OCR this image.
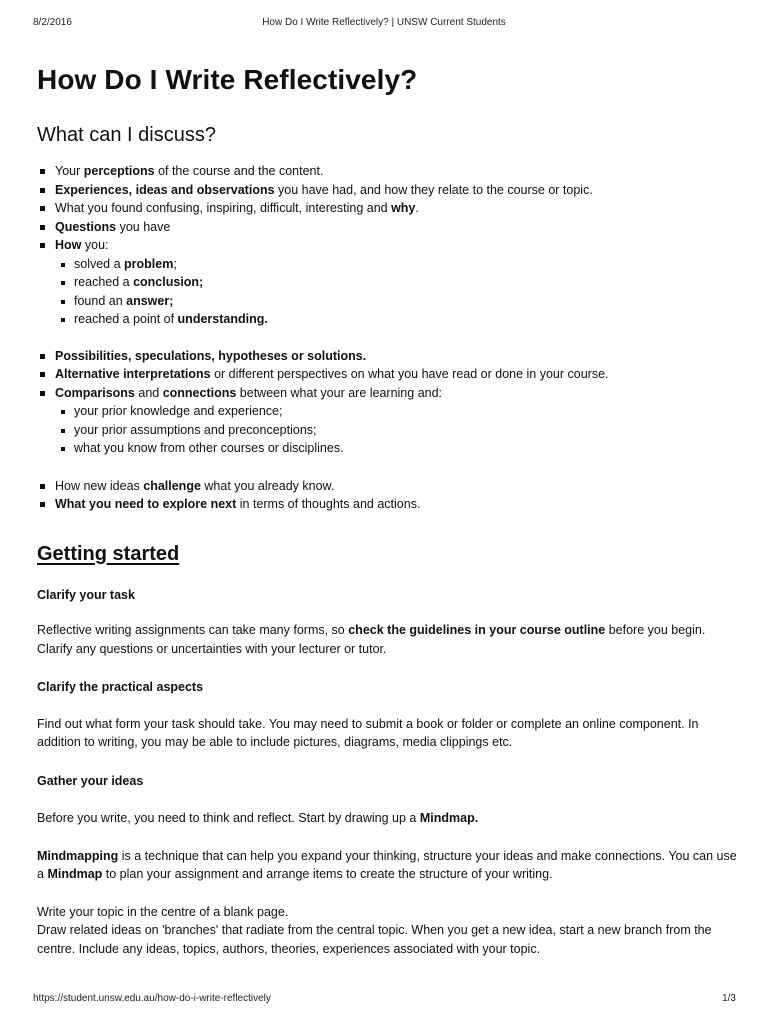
8/2/2016	How Do I Write Reflectively? | UNSW Current Students
How Do I Write Reflectively?
What can I discuss?
Your perceptions of the course and the content.
Experiences, ideas and observations you have had, and how they relate to the course or topic.
What you found confusing, inspiring, difficult, interesting and why.
Questions you have
How you:
solved a problem;
reached a conclusion;
found an answer;
reached a point of understanding.
Possibilities, speculations, hypotheses or solutions.
Alternative interpretations or different perspectives on what you have read or done in your course.
Comparisons and connections between what your are learning and:
your prior knowledge and experience;
your prior assumptions and preconceptions;
what you know from other courses or disciplines.
How new ideas challenge what you already know.
What you need to explore next in terms of thoughts and actions.
Getting started
Clarify your task

Reflective writing assignments can take many forms, so check the guidelines in your course outline before you begin. Clarify any questions or uncertainties with your lecturer or tutor.

Clarify the practical aspects

Find out what form your task should take. You may need to submit a book or folder or complete an online component. In addition to writing, you may be able to include pictures, diagrams, media clippings etc.

Gather your ideas

Before you write, you need to think and reflect. Start by drawing up a Mindmap.

Mindmapping is a technique that can help you expand your thinking, structure your ideas and make connections. You can use a Mindmap to plan your assignment and arrange items to create the structure of your writing.

Write your topic in the centre of a blank page.
Draw related ideas on 'branches' that radiate from the central topic. When you get a new idea, start a new branch from the centre. Include any ideas, topics, authors, theories, experiences associated with your topic.

https://student.unsw.edu.au/how-do-i-write-reflectively	1/3
